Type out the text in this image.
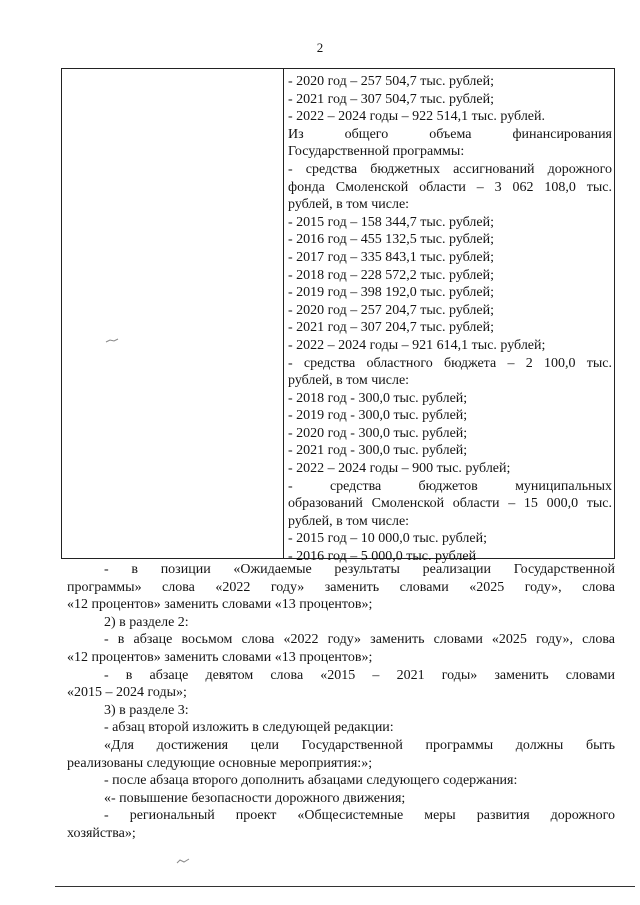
2
- 2020 год – 257 504,7 тыс. рублей;
- 2021 год – 307 504,7 тыс. рублей;
- 2022 – 2024 годы – 922 514,1 тыс. рублей.
Из общего объема финансирования
Государственной программы:
- средства бюджетных ассигнований дорожного
фонда Смоленской области – 3 062 108,0 тыс.
рублей, в том числе:
- 2015 год – 158 344,7 тыс. рублей;
- 2016 год – 455 132,5 тыс. рублей;
- 2017 год – 335 843,1 тыс. рублей;
- 2018 год – 228 572,2 тыс. рублей;
- 2019 год – 398 192,0 тыс. рублей;
- 2020 год – 257 204,7 тыс. рублей;
- 2021 год – 307 204,7 тыс. рублей;
- 2022 – 2024 годы – 921 614,1 тыс. рублей;
- средства областного бюджета – 2 100,0 тыс.
рублей, в том числе:
- 2018 год - 300,0 тыс. рублей;
- 2019 год - 300,0 тыс. рублей;
- 2020 год - 300,0 тыс. рублей;
- 2021 год - 300,0 тыс. рублей;
- 2022 – 2024 годы – 900 тыс. рублей;
- средства бюджетов муниципальных
образований Смоленской области – 15 000,0 тыс.
рублей, в том числе:
- 2015 год – 10 000,0 тыс. рублей;
- 2016 год – 5 000,0 тыс. рублей
- в позиции «Ожидаемые результаты реализации Государственной
программы» слова «2022 году» заменить словами «2025 году», слова
«12 процентов» заменить словами «13 процентов»;
2) в разделе 2:
- в абзаце восьмом слова «2022 году» заменить словами «2025 году», слова
«12 процентов» заменить словами «13 процентов»;
- в абзаце девятом слова «2015 – 2021 годы» заменить словами
«2015 – 2024 годы»;
3) в разделе 3:
- абзац второй изложить в следующей редакции:
«Для достижения цели Государственной программы должны быть
реализованы следующие основные мероприятия:»;
- после абзаца второго дополнить абзацами следующего содержания:
«- повышение безопасности дорожного движения;
- региональный проект «Общесистемные меры развития дорожного
хозяйства»;
